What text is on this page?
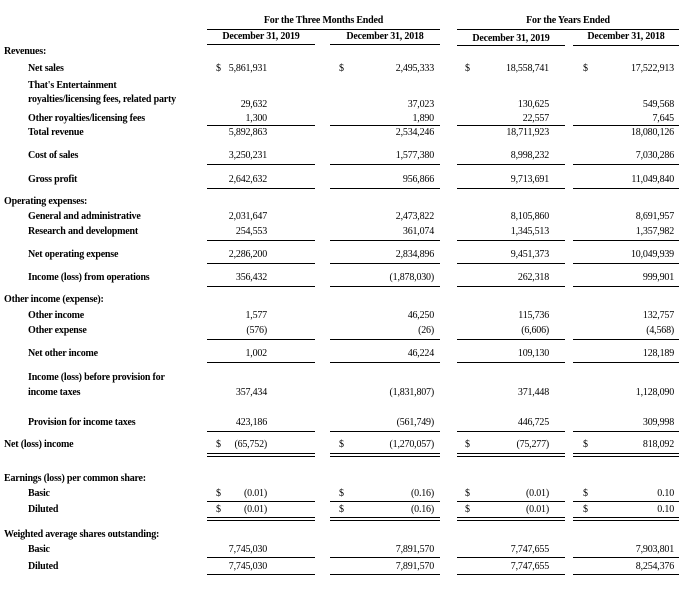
For the Three Months Ended	For the Years Ended
December 31, 2019	December 31, 2018	December 31, 2019	December 31, 2018
Revenues:
Net sales	$ 5,861,931	$	2,495,333	$	18,558,741	$	17,522,913
That's Entertainment
royalties/licensing fees, related party	29,632	37,023	130,625	549,568
Other royalties/licensing fees	1,300	1,890	22,557	7,645
Total revenue	5,892,863	2,534,246	18,711,923	18,080,126
Cost of sales	3,250,231	1,577,380	8,998,232	7,030,286
Gross profit	2,642,632	956,866	9,713,691	11,049,840
Operating expenses:
General and administrative	2,031,647	2,473,822	8,105,860	8,691,957
Research and development	254,553	361,074	1,345,513	1,357,982
Net operating expense	2,286,200	2,834,896	9,451,373	10,049,939
Income (loss) from operations	356,432	(1,878,030)	262,318	999,901
Other income (expense):
Other income	1,577	46,250	115,736	132,757
Other expense	(576)	(26)	(6,606)	(4,568)
Net other income	1,002	46,224	109,130	128,189
Income (loss) before provision for
income taxes	357,434	(1,831,807)	371,448	1,128,090
Provision for income taxes	423,186	(561,749)	446,725	309,998
Net (loss) income	$ (65,752)	$	(1,270,057)	$	(75,277)	$	818,092
Earnings (loss) per common share:
Basic	$ (0.01)	$	(0.16)	$	(0.01)	$	0.10
Diluted	$ (0.01)	$	(0.16)	$	(0.01)	$	0.10
Weighted average shares outstanding:
Basic	7,745,030	7,891,570	7,747,655	7,903,801
Diluted	7,745,030	7,891,570	7,747,655	8,254,376
